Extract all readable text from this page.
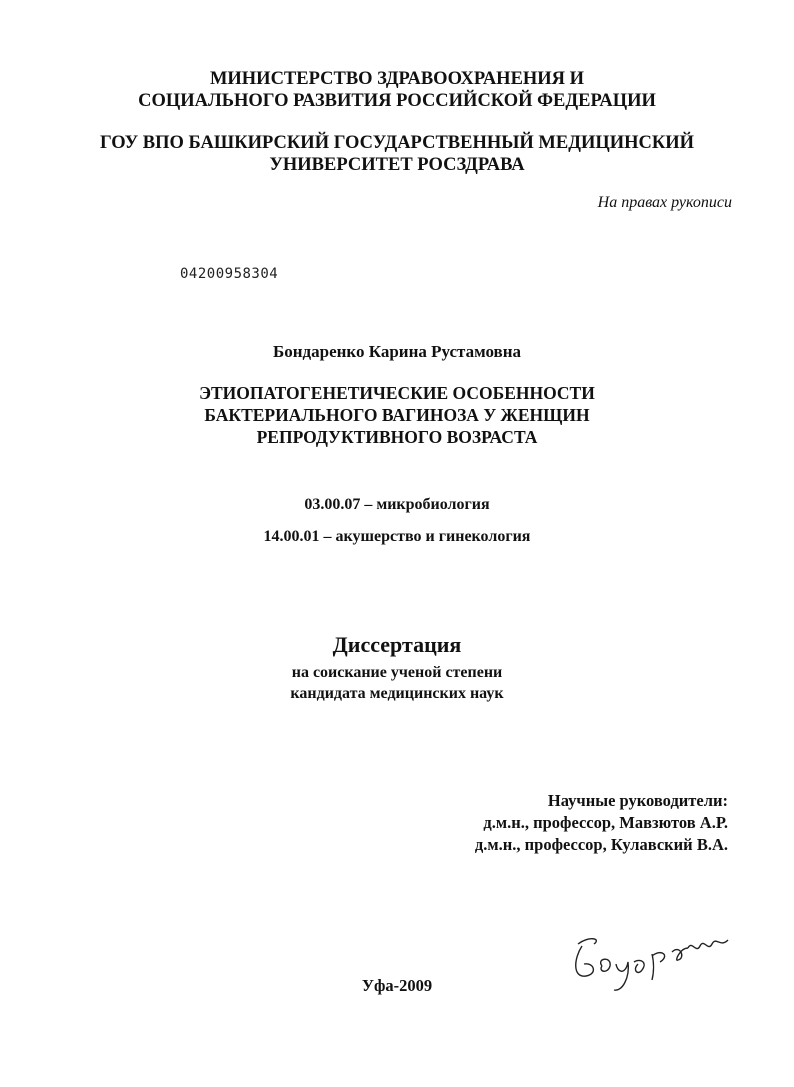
МИНИСТЕРСТВО ЗДРАВООХРАНЕНИЯ И
СОЦИАЛЬНОГО РАЗВИТИЯ РОССИЙСКОЙ ФЕДЕРАЦИИ
ГОУ ВПО БАШКИРСКИЙ ГОСУДАРСТВЕННЫЙ МЕДИЦИНСКИЙ
УНИВЕРСИТЕТ РОСЗДРАВА
На правах рукописи
04200958304
Бондаренко Карина Рустамовна
ЭТИОПАТОГЕНЕТИЧЕСКИЕ ОСОБЕННОСТИ
БАКТЕРИАЛЬНОГО ВАГИНОЗА У ЖЕНЩИН
РЕПРОДУКТИВНОГО ВОЗРАСТА
03.00.07 – микробиология
14.00.01 – акушерство и гинекология
Диссертация
на соискание ученой степени
кандидата медицинских наук
Научные руководители:
д.м.н., профессор, Мавзютов А.Р.
д.м.н., профессор, Кулавский В.А.
Уфа-2009
